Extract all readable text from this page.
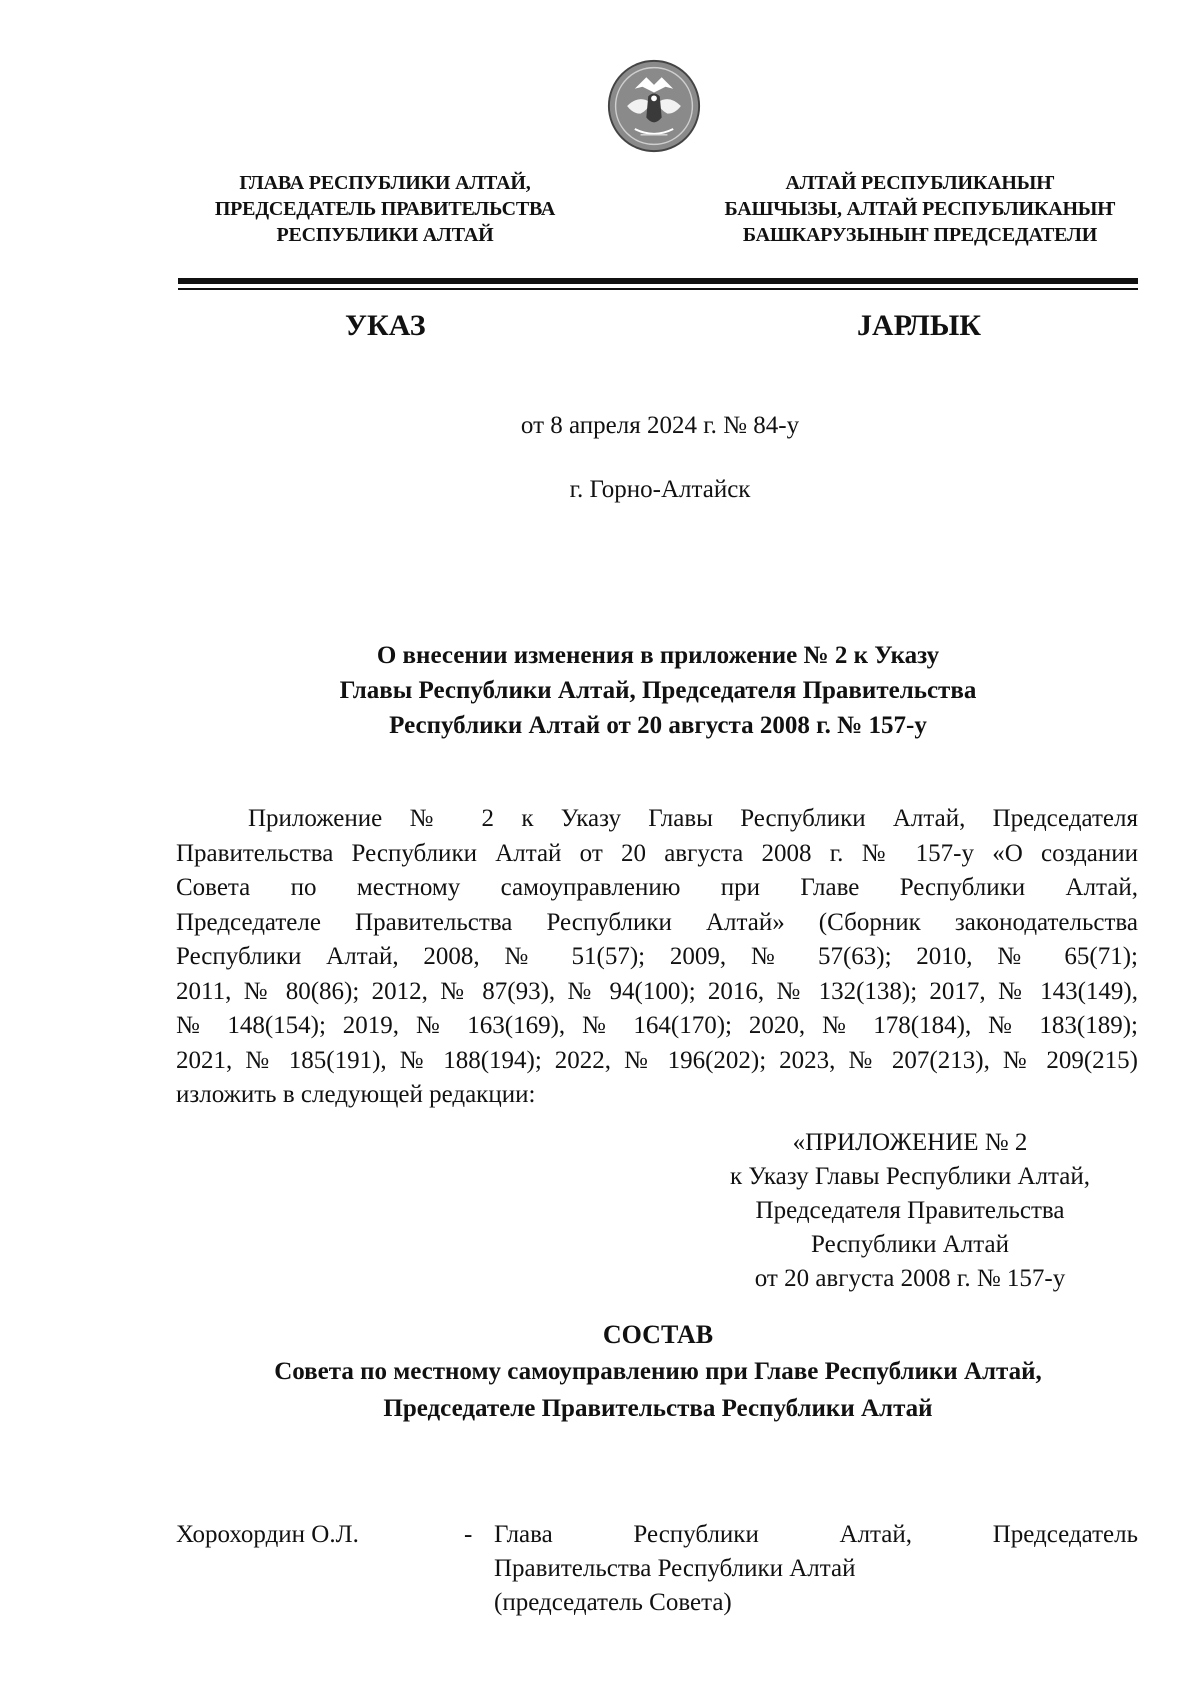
ГЛАВА РЕСПУБЛИКИ АЛТАЙ,
ПРЕДСЕДАТЕЛЬ ПРАВИТЕЛЬСТВА
РЕСПУБЛИКИ АЛТАЙ
АЛТАЙ РЕСПУБЛИКАНЫҤ
БАШЧЫЗЫ, АЛТАЙ РЕСПУБЛИКАНЫҤ
БАШКАРУЗЫНЫҤ ПРЕДСЕДАТЕЛИ
УКАЗ	ЈАРЛЫК
от 8 апреля 2024 г. № 84-у
г. Горно-Алтайск
О внесении изменения в приложение № 2 к Указу
Главы Республики Алтай, Председателя Правительства
Республики Алтай от 20 августа 2008 г. № 157-у
Приложение № 2 к Указу Главы Республики Алтай, Председателя
Правительства Республики Алтай от 20 августа 2008 г. № 157-у «О создании
Совета по местному самоуправлению при Главе Республики Алтай,
Председателе Правительства Республики Алтай» (Сборник законодательства
Республики Алтай, 2008, № 51(57); 2009, № 57(63); 2010, № 65(71);
2011, № 80(86); 2012, № 87(93), № 94(100); 2016, № 132(138); 2017, № 143(149),
№ 148(154); 2019, № 163(169), № 164(170); 2020, № 178(184), № 183(189);
2021, № 185(191), № 188(194); 2022, № 196(202); 2023, № 207(213), № 209(215)
изложить в следующей редакции:
«ПРИЛОЖЕНИЕ № 2
к Указу Главы Республики Алтай,
Председателя Правительства
Республики Алтай
от 20 августа 2008 г. № 157-у
СОСТАВ
Совета по местному самоуправлению при Главе Республики Алтай,
Председателе Правительства Республики Алтай
Хорохордин О.Л.	- Глава Республики Алтай, Председатель
Правительства Республики Алтай
(председатель Совета)
